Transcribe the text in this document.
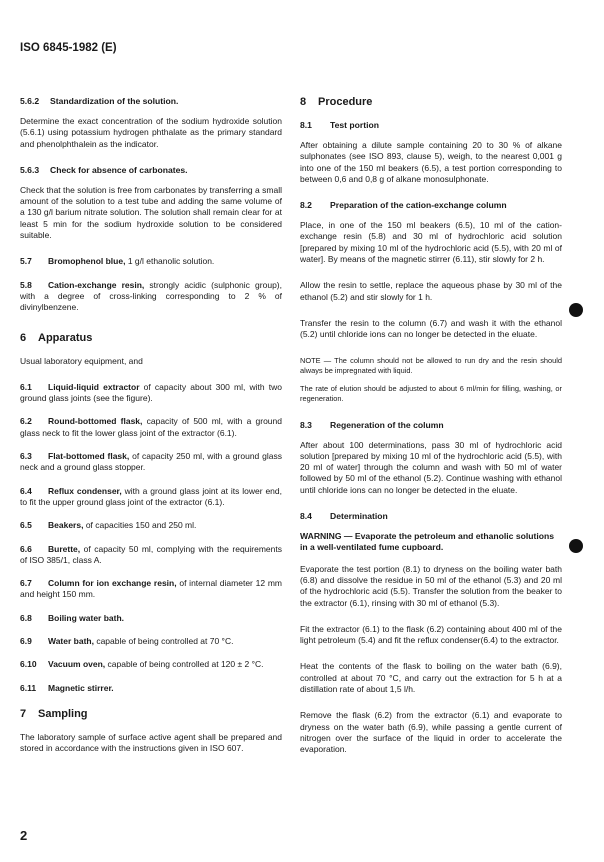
ISO 6845-1982 (E)
5.6.2 Standardization of the solution.

Determine the exact concentration of the sodium hydroxide solution (5.6.1) using potassium hydrogen phthalate as the primary standard and phenolphthalein as the indicator.

5.6.3 Check for absence of carbonates.

Check that the solution is free from carbonates by transferring a small amount of the solution to a test tube and adding the same volume of a 130 g/l barium nitrate solution. The solution shall remain clear for at least 5 min for the sodium hydroxide solution to be considered suitable.

5.7 Bromophenol blue, 1 g/l ethanolic solution.
5.8 Cation-exchange resin, strongly acidic (sulphonic group), with a degree of cross-linking corresponding to 2 % of divinylbenzene.
6 Apparatus

Usual laboratory equipment, and

6.1 Liquid-liquid extractor of capacity about 300 ml, with two ground glass joints (see the figure).
6.2 Round-bottomed flask, capacity of 500 ml, with a ground glass neck to fit the lower glass joint of the extractor (6.1).
6.3 Flat-bottomed flask, of capacity 250 ml, with a ground glass neck and a ground glass stopper.
6.4 Reflux condenser, with a ground glass joint at its lower end, to fit the upper ground glass joint of the extractor (6.1).
6.5 Beakers, of capacities 150 and 250 ml.
6.6 Burette, of capacity 50 ml, complying with the requirements of ISO 385/1, class A.
6.7 Column for ion exchange resin, of internal diameter 12 mm and height 150 mm.
6.8 Boiling water bath.
6.9 Water bath, capable of being controlled at 70 °C.
6.10 Vacuum oven, capable of being controlled at 120 ± 2 °C.
6.11 Magnetic stirrer.
7 Sampling

The laboratory sample of surface active agent shall be prepared and stored in accordance with the instructions given in ISO 607.

8 Procedure
8.1 Test portion

After obtaining a dilute sample containing 20 to 30 % of alkane sulphonates (see ISO 893, clause 5), weigh, to the nearest 0,001 g into one of the 150 ml beakers (6.5), a test portion corresponding to between 0,6 and 0,8 g of alkane monosulphonate.

8.2 Preparation of the cation-exchange column

Place, in one of the 150 ml beakers (6.5), 10 ml of the cation-exchange resin (5.8) and 30 ml of hydrochloric acid solution [prepared by mixing 10 ml of the hydrochloric acid (5.5), with 20 ml of water]. By means of the magnetic stirrer (6.11), stir slowly for 2 h.

Allow the resin to settle, replace the aqueous phase by 30 ml of the ethanol (5.2) and stir slowly for 1 h.

Transfer the resin to the column (6.7) and wash it with the ethanol (5.2) until chloride ions can no longer be detected in the eluate.

NOTE — The column should not be allowed to run dry and the resin should always be impregnated with liquid.
The rate of elution should be adjusted to about 6 ml/min for filling, washing, or regeneration.
8.3 Regeneration of the column

After about 100 determinations, pass 30 ml of hydrochloric acid solution [prepared by mixing 10 ml of the hydrochloric acid (5.5), with 20 ml of water] through the column and wash with 50 ml of water followed by 50 ml of the ethanol (5.2). Continue washing with ethanol until chloride ions can no longer be detected in the eluate.

8.4 Determination
WARNING — Evaporate the petroleum and ethanolic solutions in a well-ventilated fume cupboard.

Evaporate the test portion (8.1) to dryness on the boiling water bath (6.8) and dissolve the residue in 50 ml of the ethanol (5.3) and 20 ml of the hydrochloric acid (5.5). Transfer the solution from the beaker to the extractor (6.1), rinsing with 30 ml of ethanol (5.3).

Fit the extractor (6.1) to the flask (6.2) containing about 400 ml of the light petroleum (5.4) and fit the reflux condenser(6.4) to the extractor.

Heat the contents of the flask to boiling on the water bath (6.9), controlled at about 70 °C, and carry out the extraction for 5 h at a distillation rate of about 1,5 l/h.

Remove the flask (6.2) from the extractor (6.1) and evaporate to dryness on the water bath (6.9), while passing a gentle current of nitrogen over the surface of the liquid in order to accelerate the evaporation.

2
